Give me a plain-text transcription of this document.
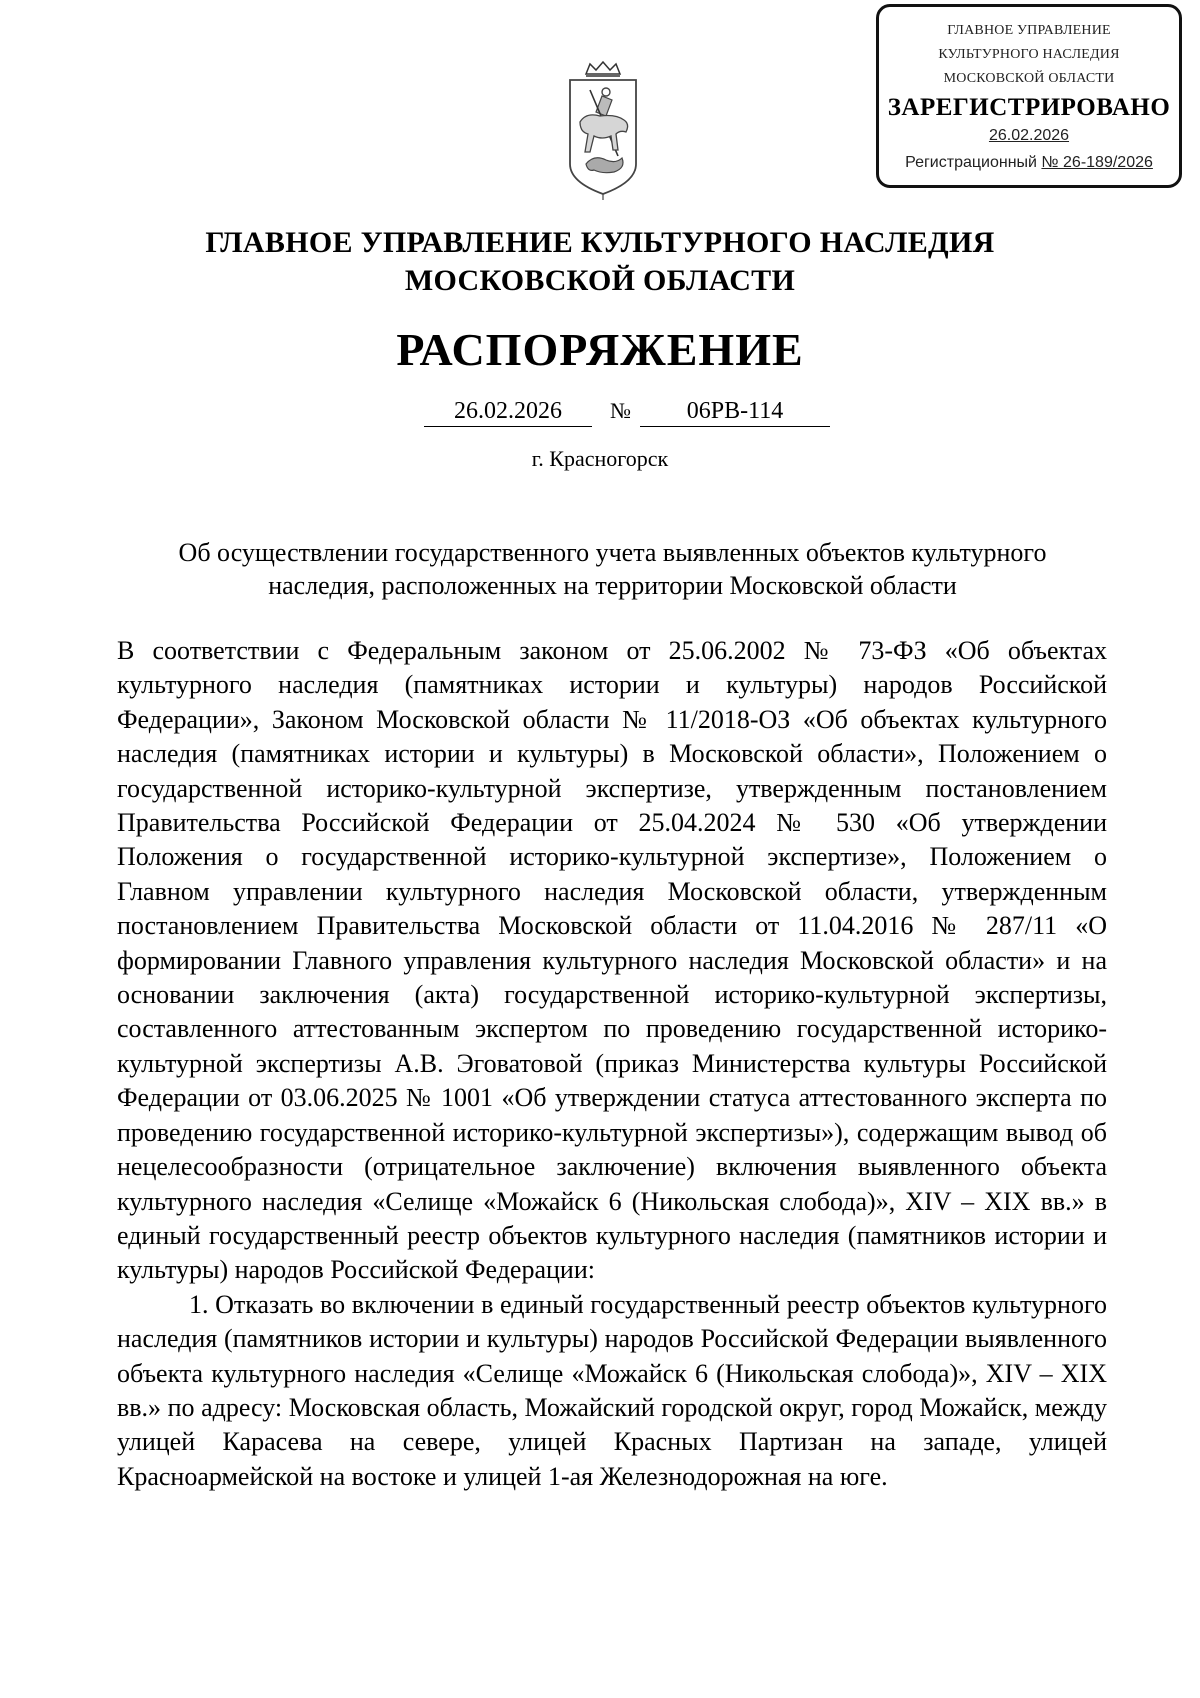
ГЛАВНОЕ УПРАВЛЕНИЕ
КУЛЬТУРНОГО НАСЛЕДИЯ
МОСКОВСКОЙ ОБЛАСТИ
ЗАРЕГИСТРИРОВАНО
26.02.2026
Регистрационный № 26-189/2026
ГЛАВНОЕ УПРАВЛЕНИЕ КУЛЬТУРНОГО НАСЛЕДИЯ
МОСКОВСКОЙ ОБЛАСТИ
РАСПОРЯЖЕНИЕ
26.02.2026	№	06РВ-114
г. Красногорск
Об осуществлении государственного учета выявленных объектов культурного
наследия, расположенных на территории Московской области

В соответствии с Федеральным законом от 25.06.2002 № 73-ФЗ «Об объектах культурного наследия (памятниках истории и культуры) народов Российской Федерации», Законом Московской области № 11/2018-ОЗ «Об объектах культурного наследия (памятниках истории и культуры) в Московской области», Положением о государственной историко-культурной экспертизе, утвержденным постановлением Правительства Российской Федерации от 25.04.2024 № 530 «Об утверждении Положения о государственной историко-культурной экспертизе», Положением о Главном управлении культурного наследия Московской области, утвержденным постановлением Правительства Московской области от 11.04.2016 № 287/11 «О формировании Главного управления культурного наследия Московской области» и на основании заключения (акта) государственной историко-культурной экспертизы, составленного аттестованным экспертом по проведению государственной историко-культурной экспертизы А.В. Эговатовой (приказ Министерства культуры Российской Федерации от 03.06.2025 № 1001 «Об утверждении статуса аттестованного эксперта по проведению государственной историко-культурной экспертизы»), содержащим вывод об нецелесообразности (отрицательное заключение) включения выявленного объекта культурного наследия «Селище «Можайск 6 (Никольская слобода)», XIV – XIX вв.» в единый государственный реестр объектов культурного наследия (памятников истории и культуры) народов Российской Федерации:

1. Отказать во включении в единый государственный реестр объектов культурного наследия (памятников истории и культуры) народов Российской Федерации выявленного объекта культурного наследия «Селище «Можайск 6 (Никольская слобода)», XIV – XIX вв.» по адресу: Московская область, Можайский городской округ, город Можайск, между улицей Карасева на севере, улицей Красных Партизан на западе, улицей Красноармейской на востоке и улицей 1-ая Железнодорожная на юге.
